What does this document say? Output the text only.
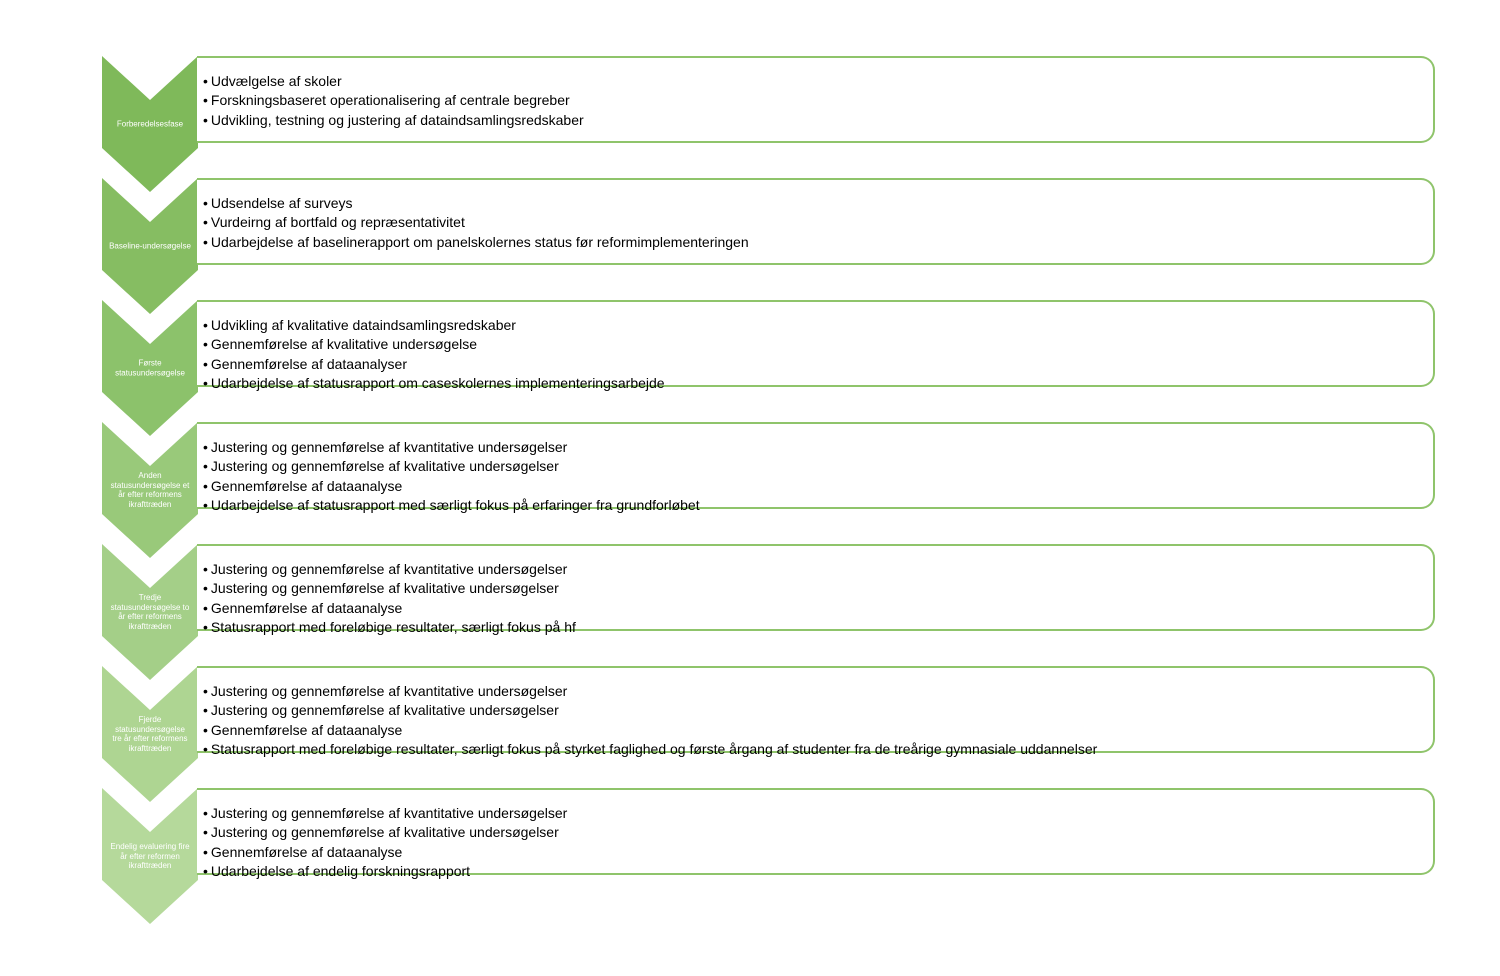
Forberedelsesfase
• Udvælgelse af skoler
• Forskningsbaseret operationalisering af centrale begreber
• Udvikling, testning og justering af dataindsamlingsredskaber
Baseline-undersøgelse
• Udsendelse af surveys
• Vurdeirng af bortfald og repræsentativitet
• Udarbejdelse af baselinerapport om panelskolernes status før reformimplementeringen
Første
statusundersøgelse
• Udvikling af kvalitative dataindsamlingsredskaber
• Gennemførelse af kvalitative undersøgelse
• Gennemførelse af dataanalyser
• Udarbejdelse af statusrapport om caseskolernes implementeringsarbejde
Anden
statusundersøgelse et
år efter reformens
ikrafttræden
• Justering og gennemførelse af kvantitative undersøgelser
• Justering og gennemførelse af kvalitative undersøgelser
• Gennemførelse af dataanalyse
• Udarbejdelse af statusrapport med særligt fokus på erfaringer fra grundforløbet
Tredje
statusundersøgelse to
år efter reformens
ikrafttræden
• Justering og gennemførelse af kvantitative undersøgelser
• Justering og gennemførelse af kvalitative undersøgelser
• Gennemførelse af dataanalyse
• Statusrapport med foreløbige resultater, særligt fokus på hf
Fjerde
statusundersøgelse
tre år efter reformens
ikrafttræden
• Justering og gennemførelse af kvantitative undersøgelser
• Justering og gennemførelse af kvalitative undersøgelser
• Gennemførelse af dataanalyse
• Statusrapport med foreløbige resultater, særligt fokus på styrket faglighed og første årgang af studenter fra de treårige gymnasiale uddannelser
Endelig evaluering fire
år efter reformen
ikrafttræden
• Justering og gennemførelse af kvantitative undersøgelser
• Justering og gennemførelse af kvalitative undersøgelser
• Gennemførelse af dataanalyse
• Udarbejdelse af endelig forskningsrapport
